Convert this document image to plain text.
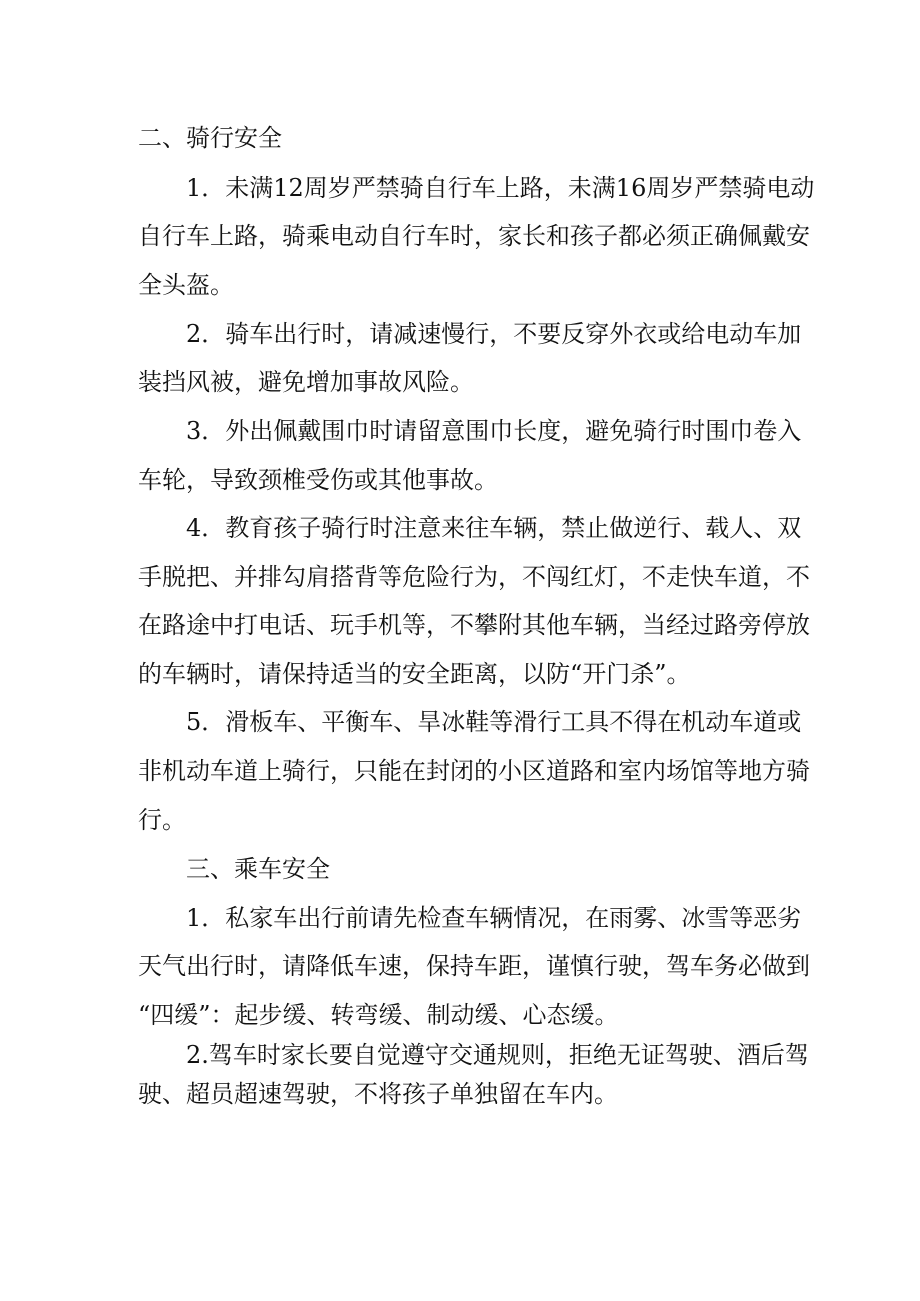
二、骑行安全

1．未满12周岁严禁骑自行车上路，未满16周岁严禁骑电动

自行车上路，骑乘电动自行车时，家长和孩子都必须正确佩戴安

全头盔。

2．骑车出行时，请减速慢行，不要反穿外衣或给电动车加

装挡风被，避免增加事故风险。

3．外出佩戴围巾时请留意围巾长度，避免骑行时围巾卷入

车轮，导致颈椎受伤或其他事故。

4．教育孩子骑行时注意来往车辆，禁止做逆行、载人、双

手脱把、并排勾肩搭背等危险行为，不闯红灯，不走快车道，不

在路途中打电话、玩手机等，不攀附其他车辆，当经过路旁停放

的车辆时，请保持适当的安全距离，以防“开门杀”。

5．滑板车、平衡车、旱冰鞋等滑行工具不得在机动车道或

非机动车道上骑行，只能在封闭的小区道路和室内场馆等地方骑

行。

三、乘车安全

1．私家车出行前请先检查车辆情况，在雨雾、冰雪等恶劣

天气出行时，请降低车速，保持车距，谨慎行驶，驾车务必做到

“四缓”：起步缓、转弯缓、制动缓、心态缓。

2.驾车时家长要自觉遵守交通规则，拒绝无证驾驶、酒后驾

驶、超员超速驾驶，不将孩子单独留在车内。
